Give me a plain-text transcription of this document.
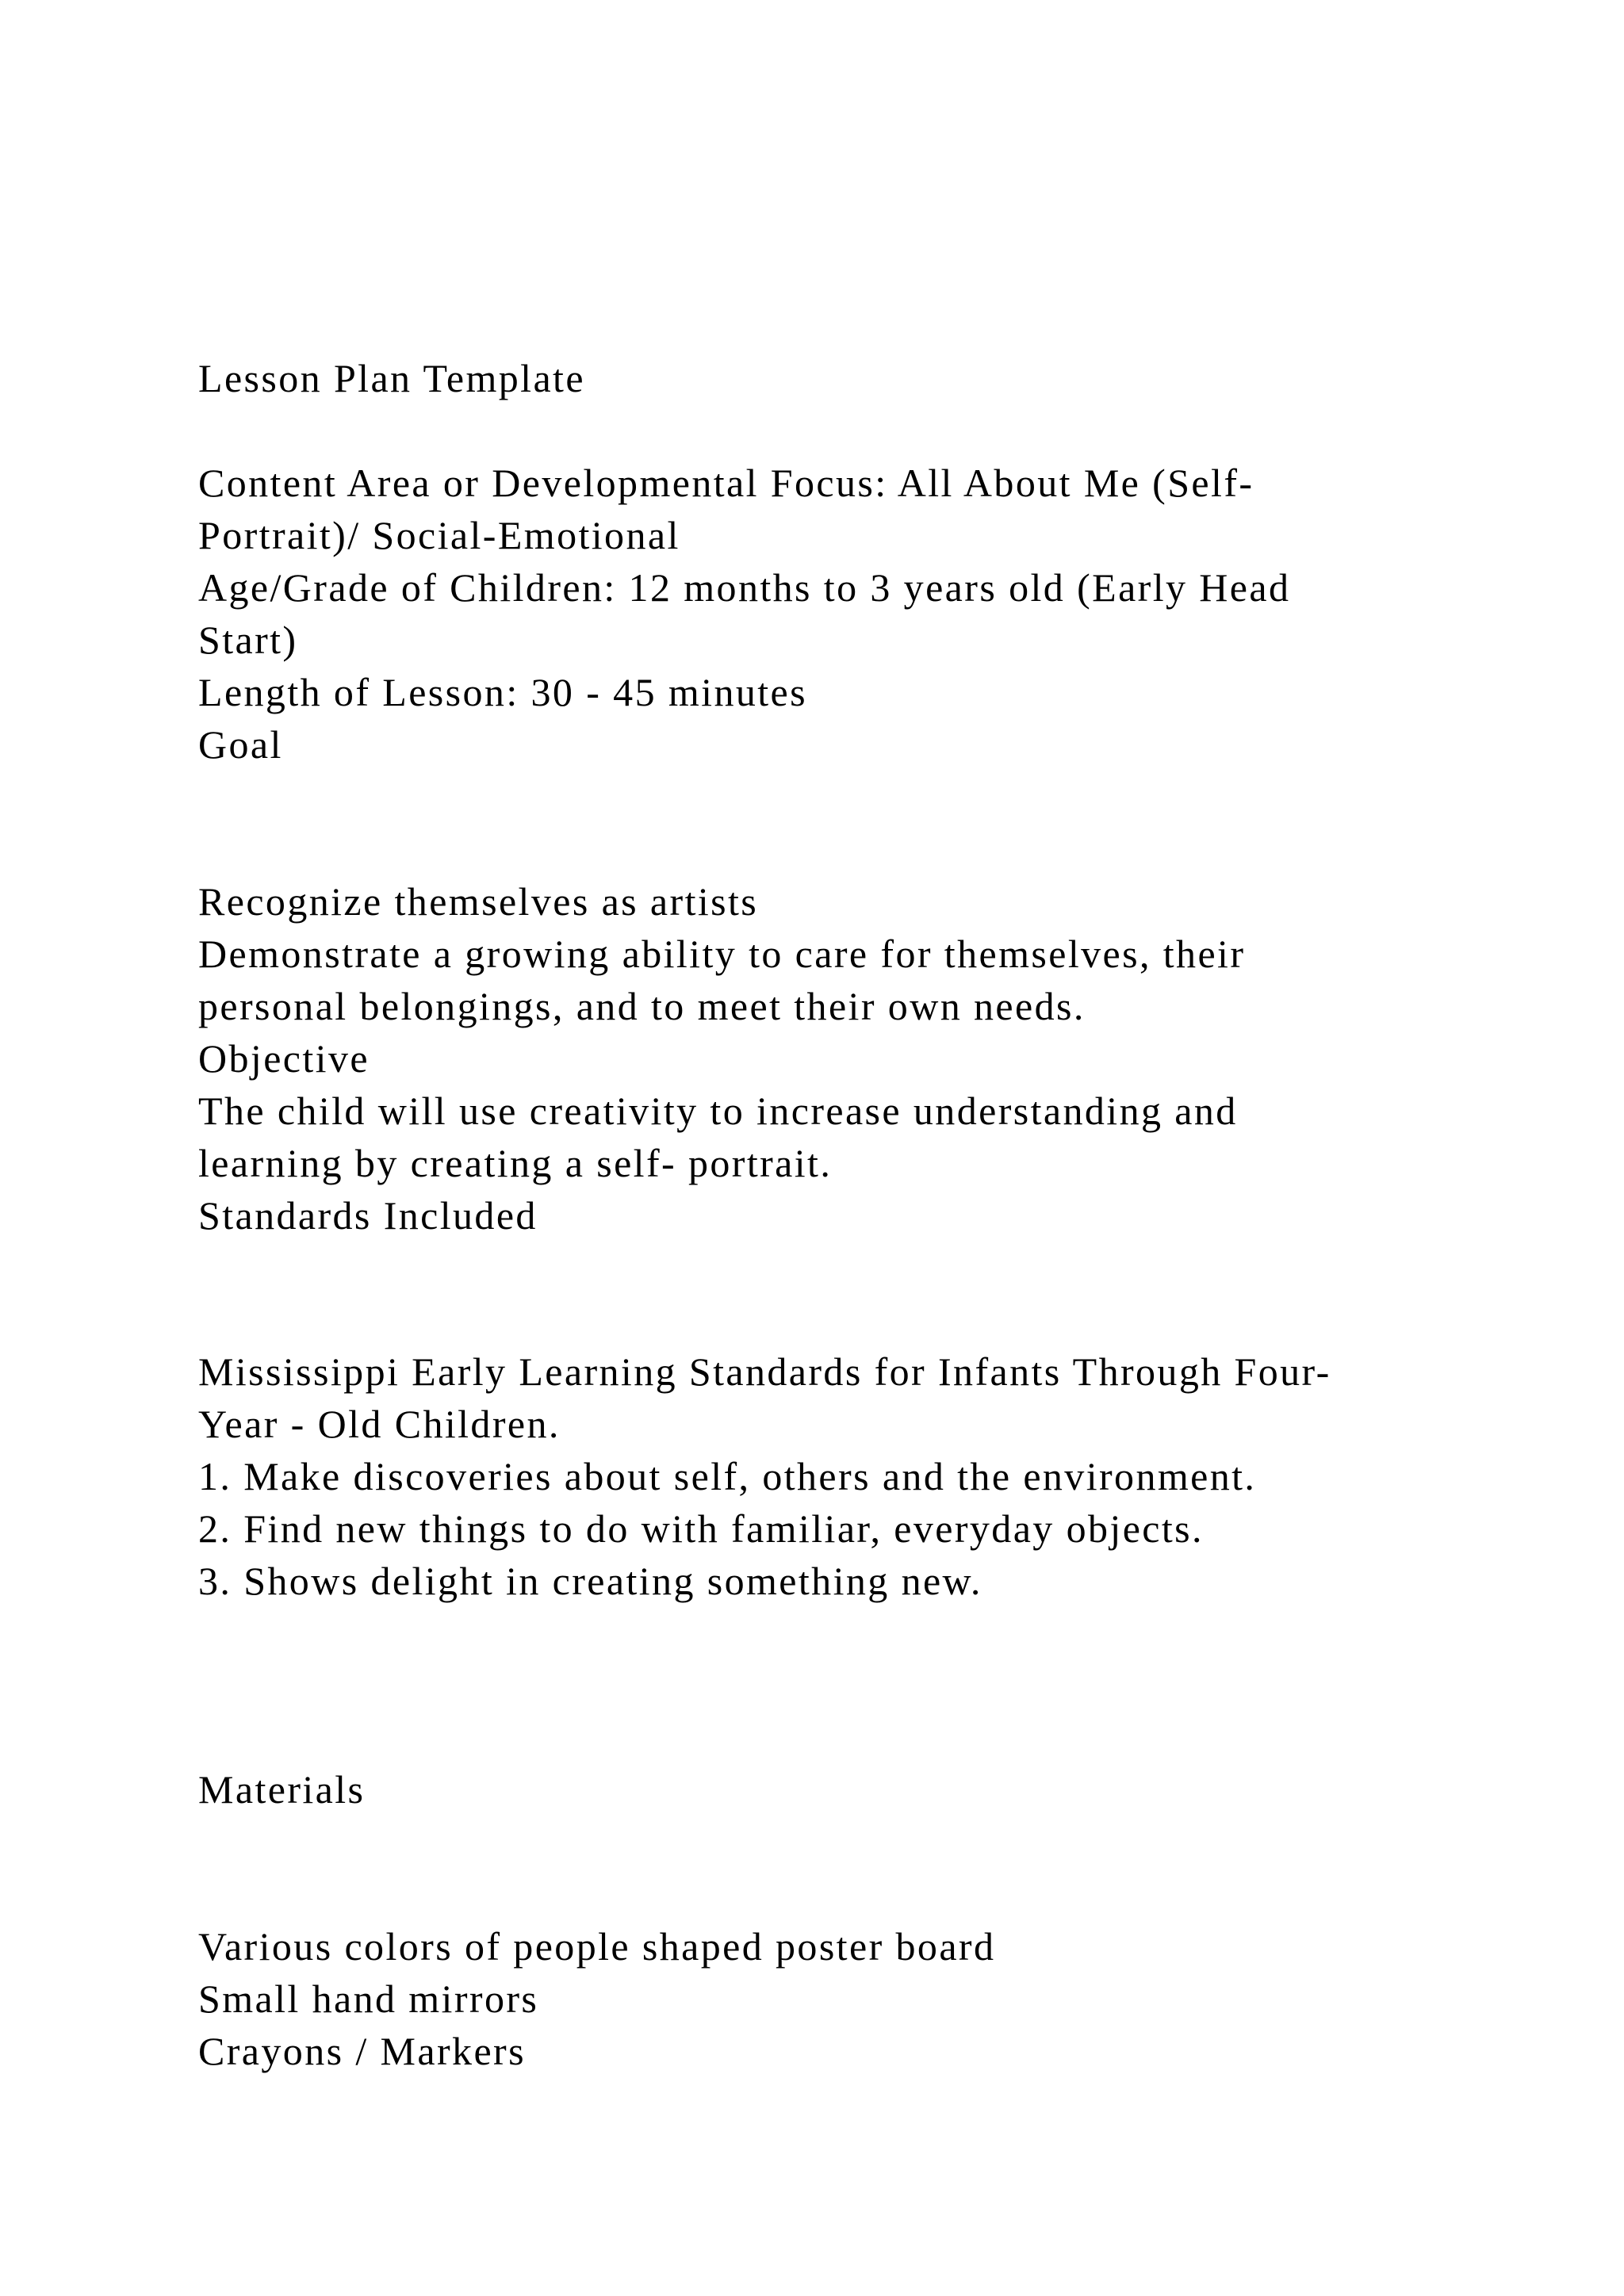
Lesson Plan Template

Content Area or Developmental Focus: All About Me (Self-

Portrait)/ Social-Emotional

Age/Grade of Children: 12 months to 3 years old (Early Head

Start)

Length of Lesson: 30 - 45 minutes

Goal

Recognize themselves as artists

Demonstrate a growing ability to care for themselves, their

personal belongings, and to meet their own needs.

Objective

The child will use creativity to increase understanding and

learning by creating a self- portrait.

Standards Included

Mississippi Early Learning Standards for Infants Through Four-

Year - Old Children.

1. Make discoveries about self, others and the environment.

2. Find new things to do with familiar, everyday objects.

3. Shows delight in creating something new.

Materials

Various colors of people shaped poster board

Small hand mirrors

Crayons / Markers
